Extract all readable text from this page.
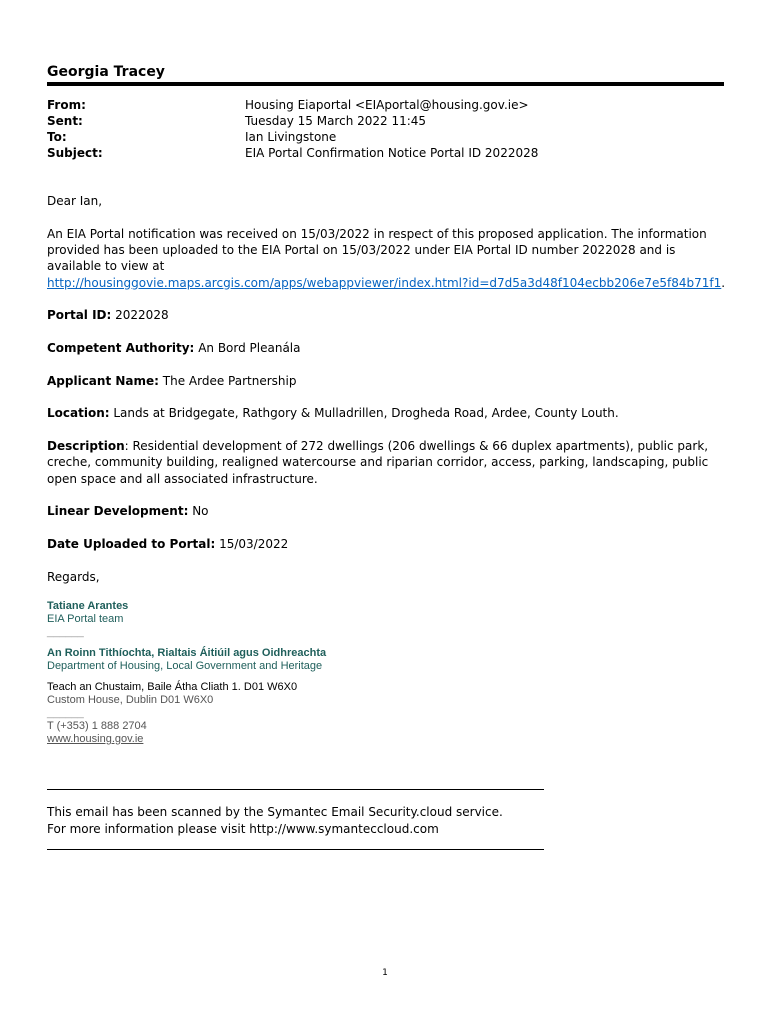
Georgia Tracey
From:	Housing Eiaportal <EIAportal@housing.gov.ie>
Sent:	Tuesday 15 March 2022 11:45
To:	Ian Livingstone
Subject:	EIA Portal Confirmation Notice Portal ID 2022028

Dear Ian,

An EIA Portal notification was received on 15/03/2022 in respect of this proposed application. The information provided has been uploaded to the EIA Portal on 15/03/2022 under EIA Portal ID number 2022028 and is available to view at
http://housinggovie.maps.arcgis.com/apps/webappviewer/index.html?id=d7d5a3d48f104ecbb206e7e5f84b71f1.

Portal ID: 2022028

Competent Authority: An Bord Pleanála

Applicant Name: The Ardee Partnership

Location: Lands at Bridgegate, Rathgory & Mulladrillen, Drogheda Road, Ardee, County Louth.

Description: Residential development of 272 dwellings (206 dwellings & 66 duplex apartments), public park, creche, community building, realigned watercourse and riparian corridor, access, parking, landscaping, public open space and all associated infrastructure.

Linear Development: No

Date Uploaded to Portal: 15/03/2022

Regards,

Tatiane Arantes
EIA Portal team
______
An Roinn Tithíochta, Rialtais Áitiúil agus Oidhreachta
Department of Housing, Local Government and Heritage
Teach an Chustaim, Baile Átha Cliath 1. D01 W6X0
Custom House, Dublin D01 W6X0
______
T (+353) 1 888 2704
www.housing.gov.ie
This email has been scanned by the Symantec Email Security.cloud service.
For more information please visit http://www.symanteccloud.com
1
